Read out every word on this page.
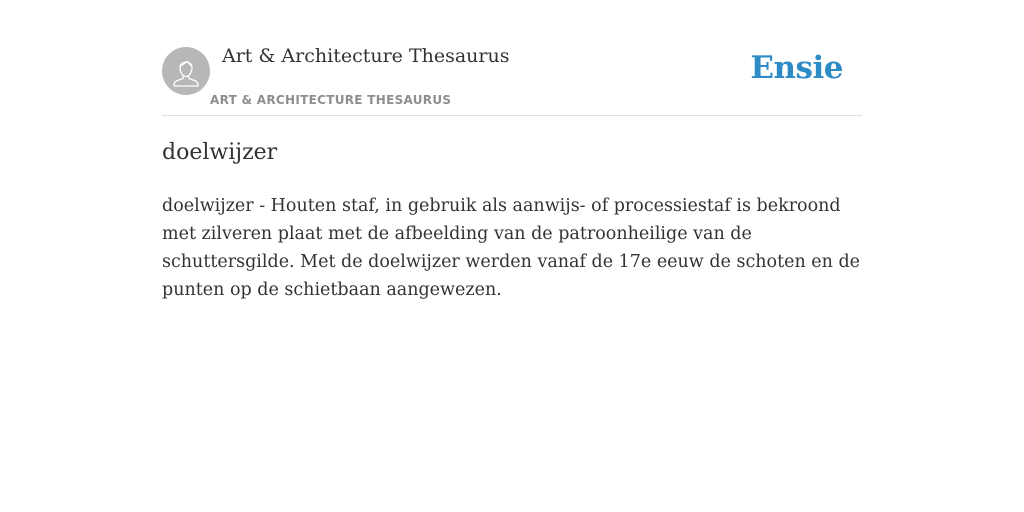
Art & Architecture Thesaurus
ART & ARCHITECTURE THESAURUS
Ensie
doelwijzer

doelwijzer - Houten staf, in gebruik als aanwijs- of processiestaf is bekroond met zilveren plaat met de afbeelding van de patroonheilige van de schuttersgilde. Met de doelwijzer werden vanaf de 17e eeuw de schoten en de punten op de schietbaan aangewezen.
